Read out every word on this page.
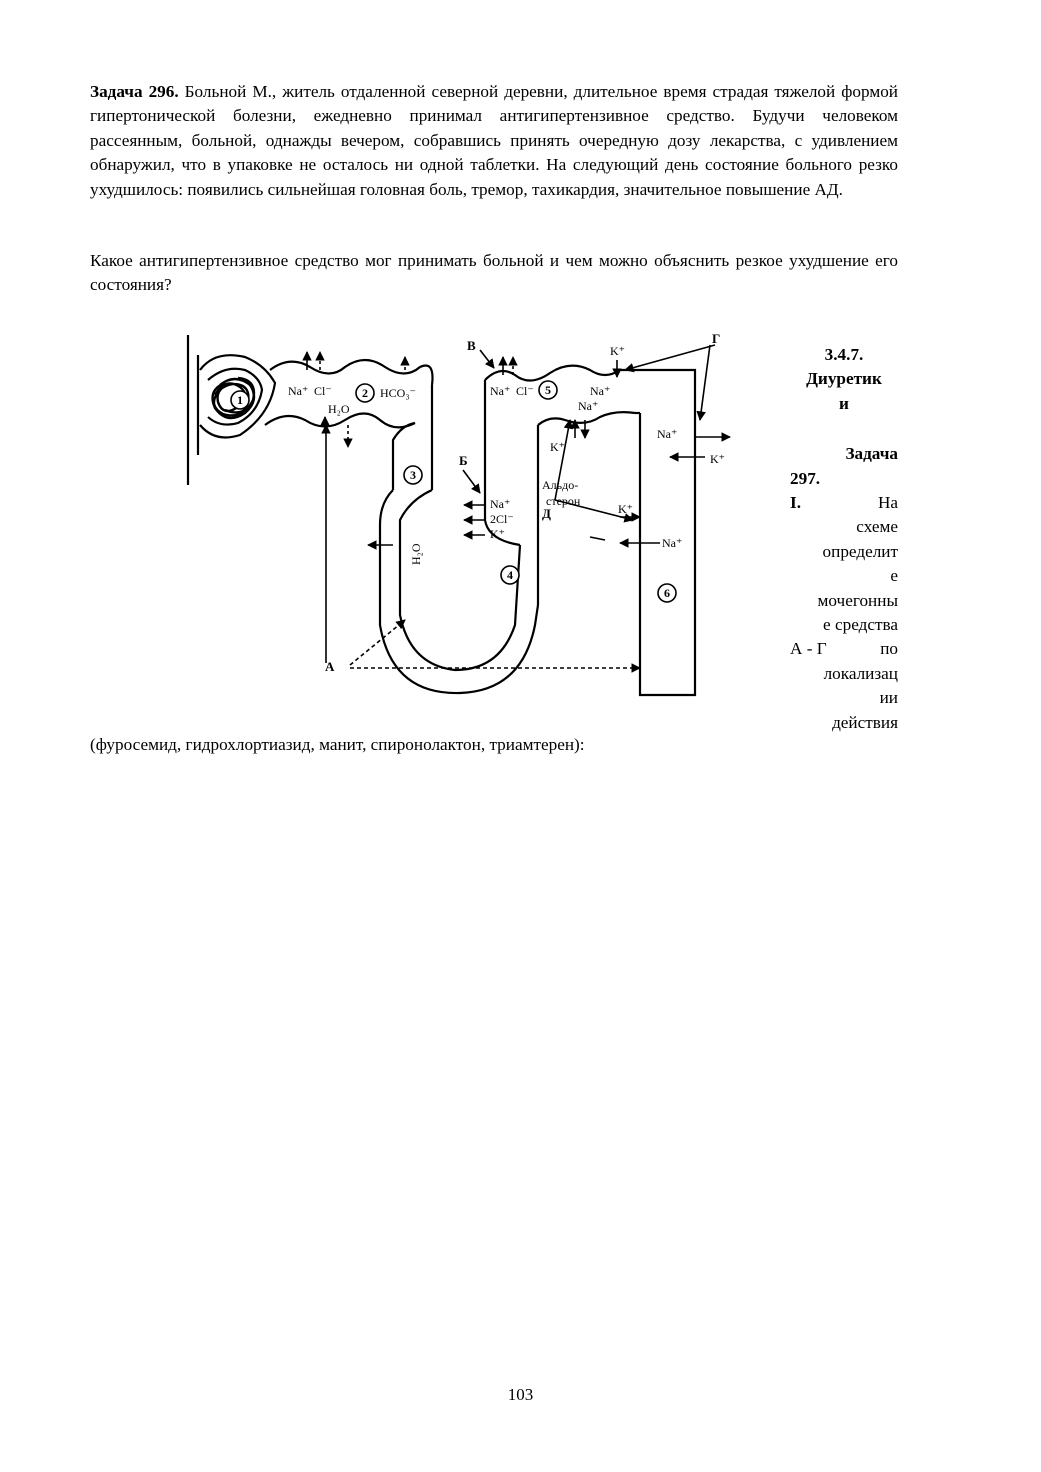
Задача 296. Больной М., житель отдаленной северной деревни, длительное время страдая тяжелой формой гипертонической болезни, ежедневно принимал антигипертензивное средство. Будучи человеком рассеянным, больной, однажды вечером, собравшись принять очередную дозу лекарства, с удивлением обнаружил, что в упаковке не осталось ни одной таблетки. На следующий день состояние больного резко ухудшилось: появились сильнейшая головная боль, тремор, тахикардия, значительное повышение АД.

Какое антигипертензивное средство мог принимать больной и чем можно объяснить резкое ухудшение его состояния?

1	2
3
4
5
6
Na⁺ Cl⁻	HCO₃⁻
H₂O
Na⁺ Cl⁻
K⁺
Na⁺
Na⁺
Na⁺
K⁺
K⁺
Альдо-
стерон
Na⁺
2Cl⁻
K⁺
K⁺
Na⁺
H₂O
А
Б
В	Г
Д
3.4.7.
Диуретик
и
Задача
297.
I.	На
схеме
определит
е
мочегонны
е средства
А - Г	по
локализац
ии
действия

(фуросемид, гидрохлортиазид, манит, спиронолактон, триамтерен):

103
